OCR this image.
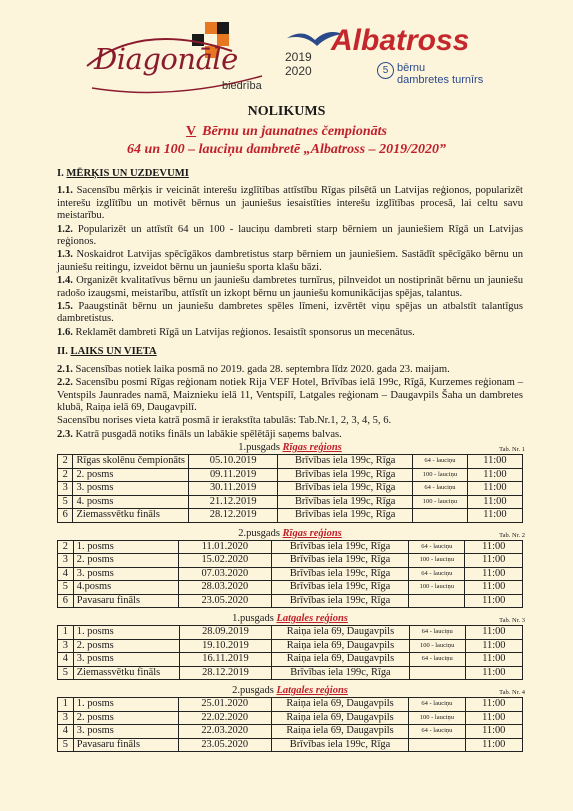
Diagonāle
biedrība
Albatross
2019
2020	5 bērnu
dambretes turnīrs
NOLIKUMS
V Bērnu un jaunatnes čempionāts
64 un 100 – lauciņu dambretē „Albatross – 2019/2020”
I. MĒRĶIS UN UZDEVUMI

1.1. Sacensību mērķis ir veicināt interešu izglītības attīstību Rīgas pilsētā un Latvijas reģionos, popularizēt interešu izglītību un motivēt bērnus un jauniešus iesaistīties interešu izglītības procesā, lai celtu savu meistarību.

1.2. Popularizēt un attīstīt 64 un 100 - lauciņu dambreti starp bērniem un jauniešiem Rīgā un Latvijas reģionos.

1.3. Noskaidrot Latvijas spēcīgākos dambretistus starp bērniem un jauniešiem. Sastādīt spēcīgāko bērnu un jauniešu reitingu, izveidot bērnu un jauniešu sporta klašu bāzi.

1.4. Organizēt kvalitatīvus bērnu un jauniešu dambretes turnīrus, pilnveidot un nostiprināt bērnu un jauniešu radošo izaugsmi, meistarību, attīstīt un izkopt bērnu un jauniešu komunikācijas spējas, talantus.

1.5. Paaugstināt bērnu un jauniešu dambretes spēles līmeni, izvērtēt viņu spējas un atbalstīt talantīgus dambretistus.

1.6. Reklamēt dambreti Rīgā un Latvijas reģionos. Iesaistīt sponsorus un mecenātus.

II. LAIKS UN VIETA

2.1. Sacensības notiek laika posmā no 2019. gada 28. septembra līdz 2020. gada 23. maijam.

2.2. Sacensību posmi Rīgas reģionam notiek Rija VEF Hotel, Brīvības ielā 199c, Rīgā, Kurzemes reģionam – Ventspils Jaunrades namā, Maiznieku ielā 11, Ventspilī, Latgales reģionam – Daugavpils Šaha un dambretes klubā, Raiņa ielā 69, Daugavpilī.

Sacensību norises vieta katrā posmā ir ierakstīta tabulās: Tab.Nr.1, 2, 3, 4, 5, 6.

2.3. Katrā pusgadā notiks fināls un labākie spēlētāji saņems balvas.

1.pusgads Rīgas reģions	Tab. Nr. 1
2	Rīgas skolēnu čempionāts	05.10.2019	Brīvības iela 199c, Rīga	64 - lauciņu	11:00
2	2. posms	09.11.2019	Brīvības iela 199c, Rīga	100 - lauciņu	11:00
3	3. posms	30.11.2019	Brīvības iela 199c, Rīga	64 - lauciņu	11:00
5	4. posms	21.12.2019	Brīvības iela 199c, Rīga	100 - lauciņu	11:00
6	Ziemassvētku fināls	28.12.2019	Brīvības iela 199c, Rīga		11:00
2.pusgads Rīgas reģions	Tab. Nr. 2
2	1. posms	11.01.2020	Brīvības iela 199c, Rīga	64 - lauciņu	11:00
3	2. posms	15.02.2020	Brīvības iela 199c, Rīga	100 - lauciņu	11:00
4	3. posms	07.03.2020	Brīvības iela 199c, Rīga	64 - lauciņu	11:00
5	4.posms	28.03.2020	Brīvības iela 199c, Rīga	100 - lauciņu	11:00
6	Pavasaru fināls	23.05.2020	Brīvības iela 199c, Rīga		11:00
1.pusgads Latgales reģions	Tab. Nr. 3
1	1. posms	28.09.2019	Raiņa iela 69, Daugavpils	64 - lauciņu	11:00
3	2. posms	19.10.2019	Raiņa iela 69, Daugavpils	100 - lauciņu	11:00
4	3. posms	16.11.2019	Raiņa iela 69, Daugavpils	64 - lauciņu	11:00
5	Ziemassvētku fināls	28.12.2019	Brīvības iela 199c, Rīga		11:00
2.pusgads Latgales reģions	Tab. Nr. 4
1	1. posms	25.01.2020	Raiņa iela 69, Daugavpils	64 - lauciņu	11:00
3	2. posms	22.02.2020	Raiņa iela 69, Daugavpils	100 - lauciņu	11:00
4	3. posms	22.03.2020	Raiņa iela 69, Daugavpils	64 - lauciņu	11:00
5	Pavasaru fināls	23.05.2020	Brīvības iela 199c, Rīga		11:00
